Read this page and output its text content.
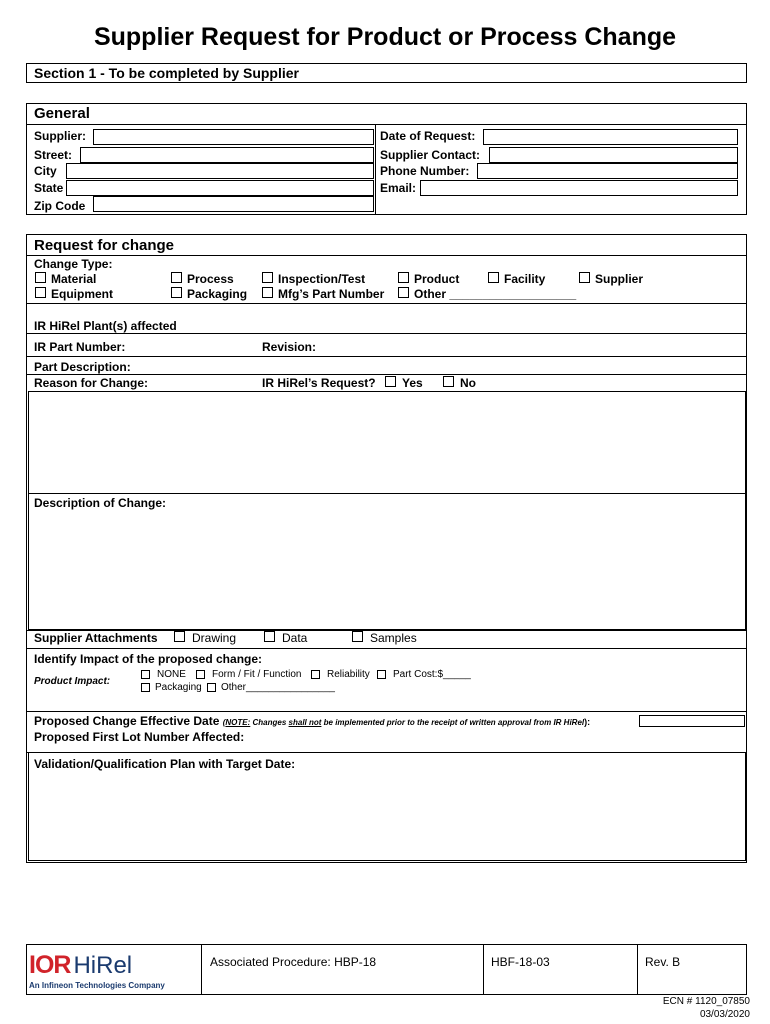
Supplier Request for Product or Process Change
Section 1 - To be completed by Supplier
General
Supplier:
Street:
City
State
Zip Code
Date of Request:
Supplier Contact:
Phone Number:
Email:
Request for change
Change Type:
Material	Process	Inspection/Test	Product	Facility	Supplier
Equipment	Packaging	Mfg’s Part Number Other ___________________
IR HiRel Plant(s) affected
IR Part Number:	Revision:
Part Description:
Reason for Change:	IR HiRel’s Request? Yes	No
Description of Change:
Supplier Attachments	Drawing	Data	Samples
Identify Impact of the proposed change:
Product Impact:
NONE	Form / Fit / Function	Reliability Part Cost:$_____
Packaging Other________________
Proposed Change Effective Date (NOTE: Changes shall not be implemented prior to the receipt of written approval from IR HiRel):
Proposed First Lot Number Affected:
Validation/Qualification Plan with Target Date:
IOR HiRel
An Infineon Technologies Company
Associated Procedure: HBP-18	HBF-18-03	Rev. B
ECN # 1120_07850
03/03/2020
